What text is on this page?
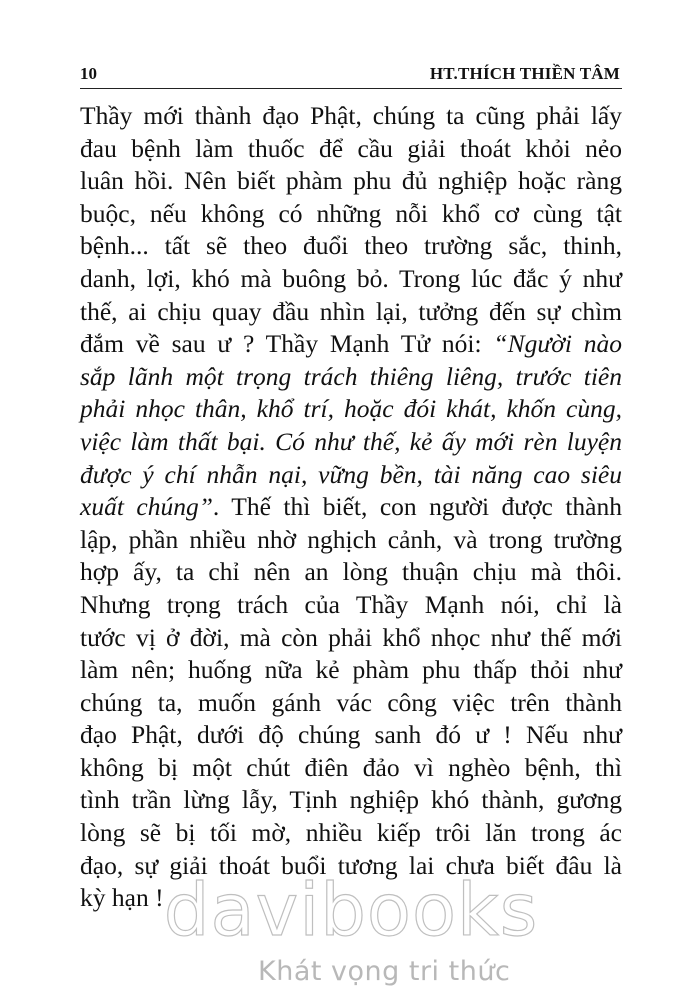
10	HT.THÍCH THIỀN TÂM
Thầy mới thành đạo Phật, chúng ta cũng phải lấy
đau bệnh làm thuốc để cầu giải thoát khỏi nẻo
luân hồi. Nên biết phàm phu đủ nghiệp hoặc ràng
buộc, nếu không có những nỗi khổ cơ cùng tật
bệnh... tất sẽ theo đuổi theo trường sắc, thinh,
danh, lợi, khó mà buông bỏ. Trong lúc đắc ý như
thế, ai chịu quay đầu nhìn lại, tưởng đến sự chìm
đắm về sau ư ? Thầy Mạnh Tử nói: “Người nào
sắp lãnh một trọng trách thiêng liêng, trước tiên
phải nhọc thân, khổ trí, hoặc đói khát, khốn cùng,
việc làm thất bại. Có như thế, kẻ ấy mới rèn luyện
được ý chí nhẫn nại, vững bền, tài năng cao siêu
xuất chúng”. Thế thì biết, con người được thành
lập, phần nhiều nhờ nghịch cảnh, và trong trường
hợp ấy, ta chỉ nên an lòng thuận chịu mà thôi.
Nhưng trọng trách của Thầy Mạnh nói, chỉ là
tước vị ở đời, mà còn phải khổ nhọc như thế mới
làm nên; huống nữa kẻ phàm phu thấp thỏi như
chúng ta, muốn gánh vác công việc trên thành
đạo Phật, dưới độ chúng sanh đó ư ! Nếu như
không bị một chút điên đảo vì nghèo bệnh, thì
tình trần lừng lẫy, Tịnh nghiệp khó thành, gương
lòng sẽ bị tối mờ, nhiều kiếp trôi lăn trong ác
đạo, sự giải thoát buổi tương lai chưa biết đâu là
kỳ hạn ! davibooks
Khát vọng tri thức
